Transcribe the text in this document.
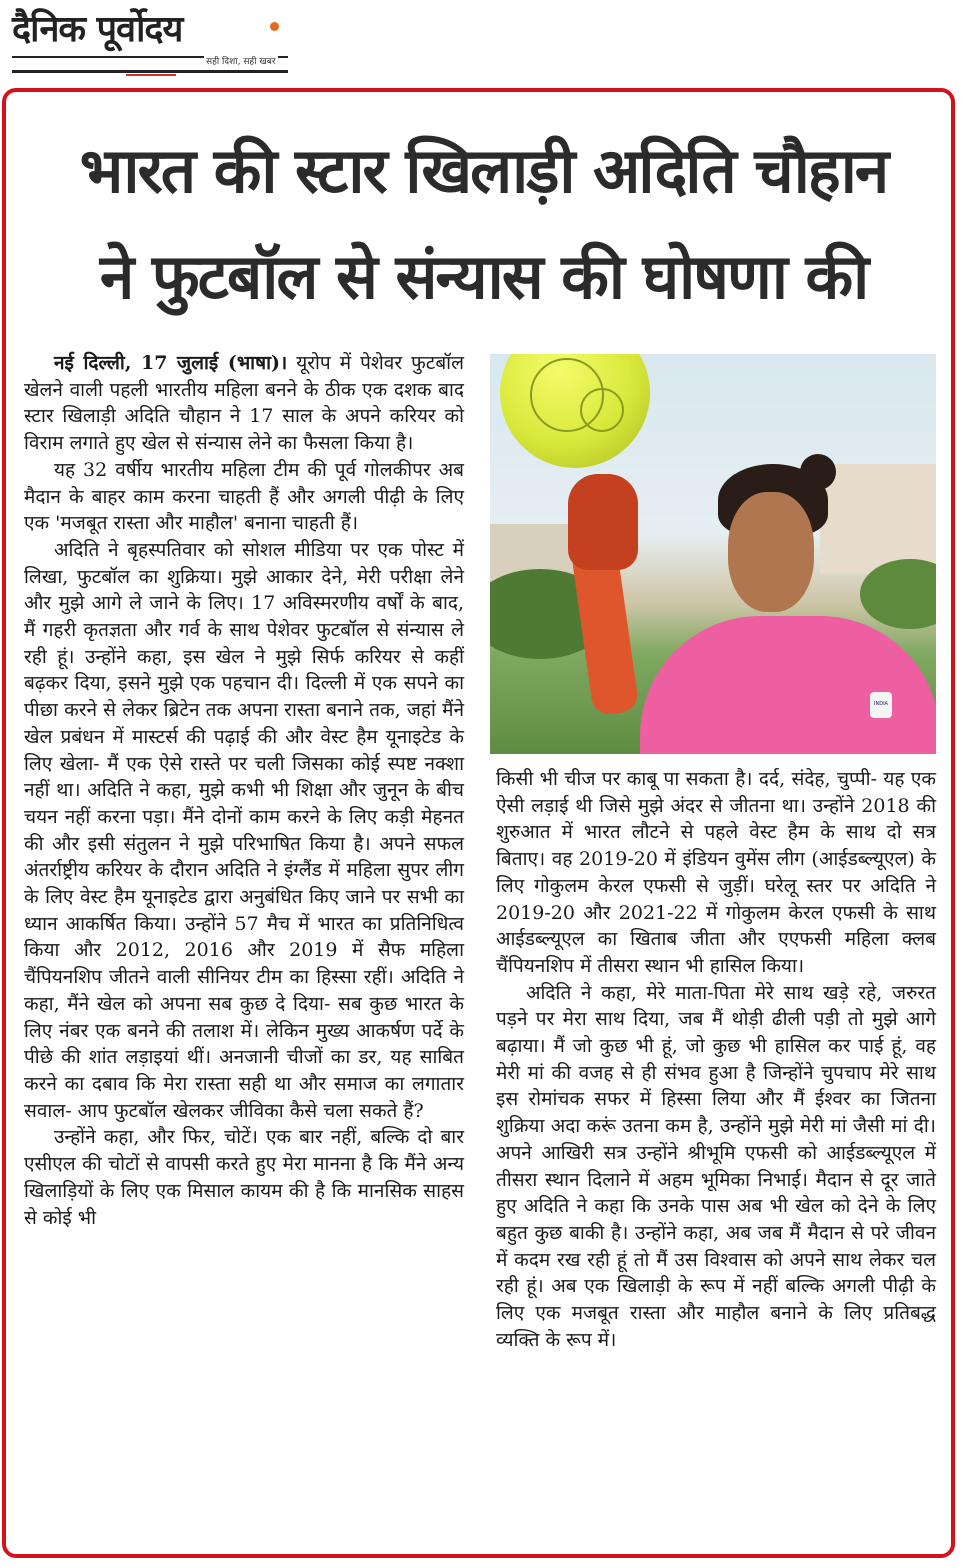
दैनिक पूर्वोदय
सही दिशा, सही खबर
भारत की स्टार खिलाड़ी अदिति चौहान
ने फुटबॉल से संन्यास की घोषणा की

नई दिल्ली, 17 जुलाई (भाषा)। यूरोप में पेशेवर फुटबॉल खेलने वाली पहली भारतीय महिला बनने के ठीक एक दशक बाद स्टार खिलाड़ी अदिति चौहान ने 17 साल के अपने करियर को विराम लगाते हुए खेल से संन्यास लेने का फैसला किया है।

यह 32 वर्षीय भारतीय महिला टीम की पूर्व गोलकीपर अब मैदान के बाहर काम करना चाहती हैं और अगली पीढ़ी के लिए एक 'मजबूत रास्ता और माहौल' बनाना चाहती हैं।

अदिति ने बृहस्पतिवार को सोशल मीडिया पर एक पोस्ट में लिखा, फुटबॉल का शुक्रिया। मुझे आकार देने, मेरी परीक्षा लेने और मुझे आगे ले जाने के लिए। 17 अविस्मरणीय वर्षों के बाद, मैं गहरी कृतज्ञता और गर्व के साथ पेशेवर फुटबॉल से संन्यास ले रही हूं। उन्होंने कहा, इस खेल ने मुझे सिर्फ करियर से कहीं बढ़कर दिया, इसने मुझे एक पहचान दी। दिल्ली में एक सपने का पीछा करने से लेकर ब्रिटेन तक अपना रास्ता बनाने तक, जहां मैंने खेल प्रबंधन में मास्टर्स की पढ़ाई की और वेस्ट हैम यूनाइटेड के लिए खेला- मैं एक ऐसे रास्ते पर चली जिसका कोई स्पष्ट नक्शा नहीं था। अदिति ने कहा, मुझे कभी भी शिक्षा और जुनून के बीच चयन नहीं करना पड़ा। मैंने दोनों काम करने के लिए कड़ी मेहनत की और इसी संतुलन ने मुझे परिभाषित किया है। अपने सफल अंतर्राष्ट्रीय करियर के दौरान अदिति ने इंग्लैंड में महिला सुपर लीग के लिए वेस्ट हैम यूनाइटेड द्वारा अनुबंधित किए जाने पर सभी का ध्यान आकर्षित किया। उन्होंने 57 मैच में भारत का प्रतिनिधित्व किया और 2012, 2016 और 2019 में सैफ महिला चैंपियनशिप जीतने वाली सीनियर टीम का हिस्सा रहीं। अदिति ने कहा, मैंने खेल को अपना सब कुछ दे दिया- सब कुछ भारत के लिए नंबर एक बनने की तलाश में। लेकिन मुख्य आकर्षण पर्दे के पीछे की शांत लड़ाइयां थीं। अनजानी चीजों का डर, यह साबित करने का दबाव कि मेरा रास्ता सही था और समाज का लगातार सवाल- आप फुटबॉल खेलकर जीविका कैसे चला सकते हैं?

उन्होंने कहा, और फिर, चोटें। एक बार नहीं, बल्कि दो बार एसीएल की चोटों से वापसी करते हुए मेरा मानना है कि मैंने अन्य खिलाड़ियों के लिए एक मिसाल कायम की है कि मानसिक साहस से कोई भी

INDIA

किसी भी चीज पर काबू पा सकता है। दर्द, संदेह, चुप्पी- यह एक ऐसी लड़ाई थी जिसे मुझे अंदर से जीतना था। उन्होंने 2018 की शुरुआत में भारत लौटने से पहले वेस्ट हैम के साथ दो सत्र बिताए। वह 2019-20 में इंडियन वुमेंस लीग (आईडब्ल्यूएल) के लिए गोकुलम केरल एफसी से जुड़ीं। घरेलू स्तर पर अदिति ने 2019-20 और 2021-22 में गोकुलम केरल एफसी के साथ आईडब्ल्यूएल का खिताब जीता और एएफसी महिला क्लब चैंपियनशिप में तीसरा स्थान भी हासिल किया।

अदिति ने कहा, मेरे माता-पिता मेरे साथ खड़े रहे, जरुरत पड़ने पर मेरा साथ दिया, जब मैं थोड़ी ढीली पड़ी तो मुझे आगे बढ़ाया। मैं जो कुछ भी हूं, जो कुछ भी हासिल कर पाई हूं, वह मेरी मां की वजह से ही संभव हुआ है जिन्होंने चुपचाप मेरे साथ इस रोमांचक सफर में हिस्सा लिया और मैं ईश्वर का जितना शुक्रिया अदा करूं उतना कम है, उन्होंने मुझे मेरी मां जैसी मां दी। अपने आखिरी सत्र उन्होंने श्रीभूमि एफसी को आईडब्ल्यूएल में तीसरा स्थान दिलाने में अहम भूमिका निभाई। मैदान से दूर जाते हुए अदिति ने कहा कि उनके पास अब भी खेल को देने के लिए बहुत कुछ बाकी है। उन्होंने कहा, अब जब मैं मैदान से परे जीवन में कदम रख रही हूं तो मैं उस विश्वास को अपने साथ लेकर चल रही हूं। अब एक खिलाड़ी के रूप में नहीं बल्कि अगली पीढ़ी के लिए एक मजबूत रास्ता और माहौल बनाने के लिए प्रतिबद्ध व्यक्ति के रूप में।
